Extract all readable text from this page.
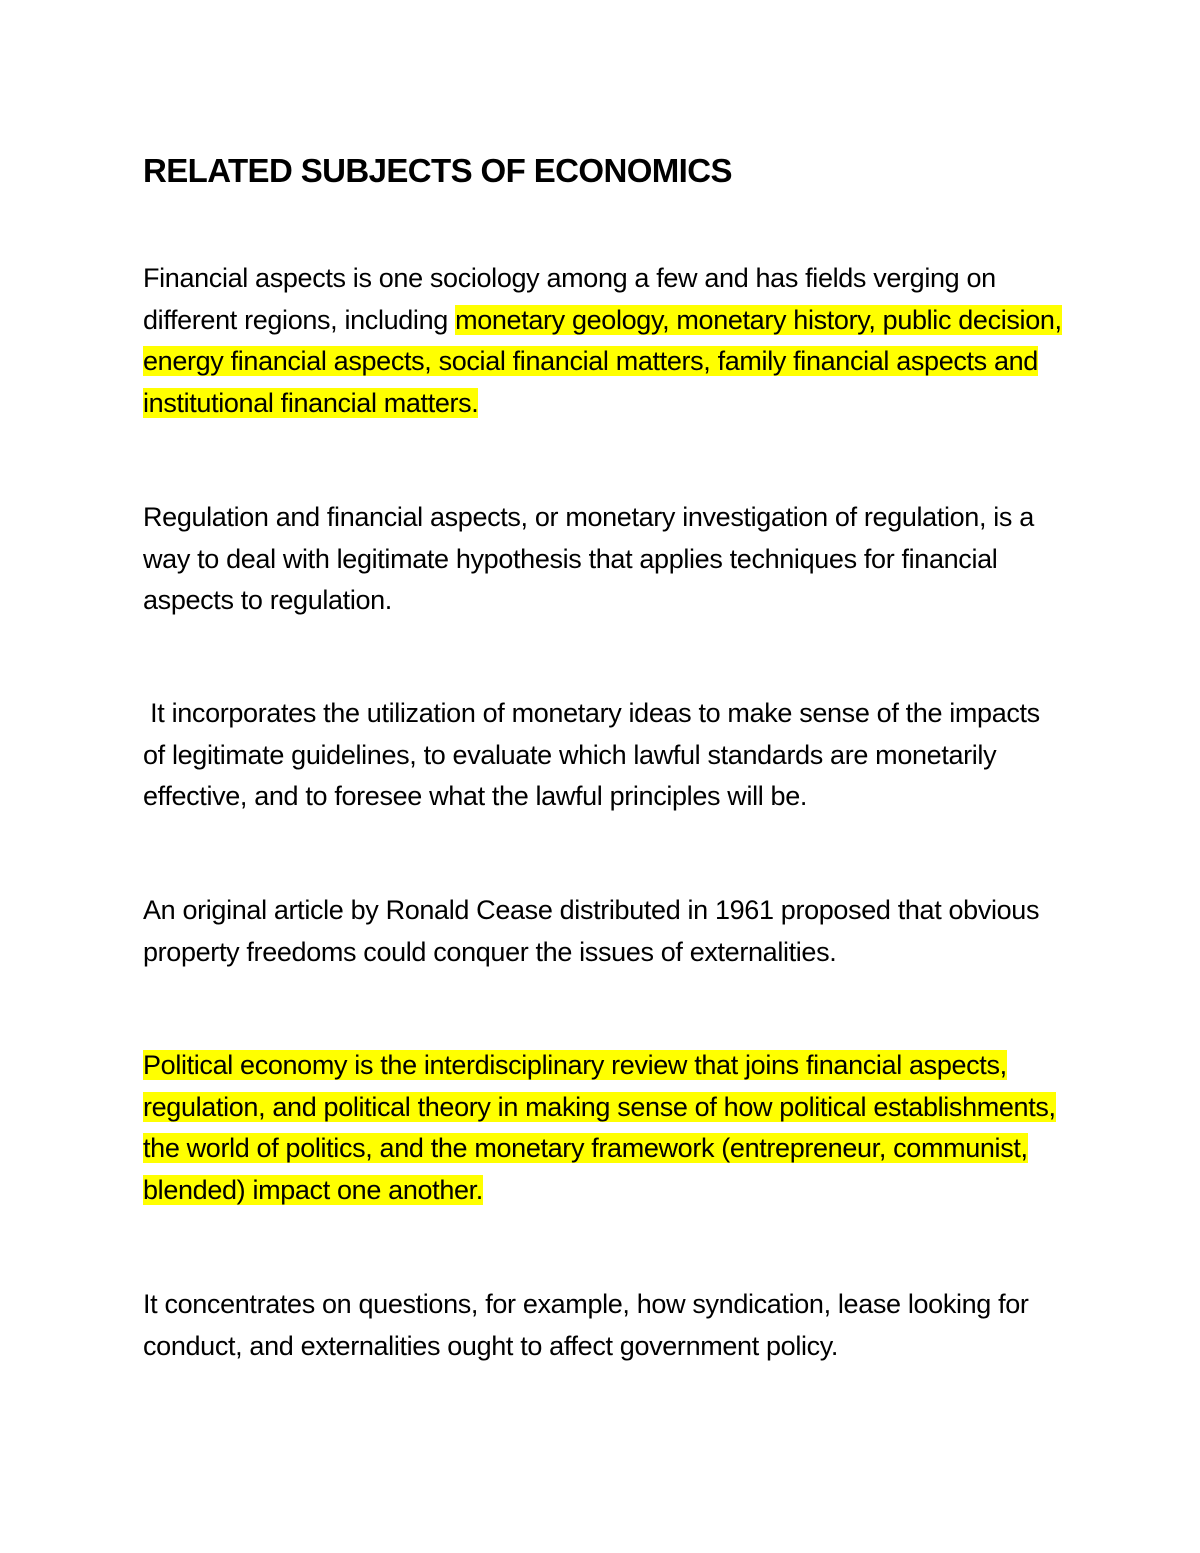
RELATED SUBJECTS OF ECONOMICS

Financial aspects is one sociology among a few and has fields verging on different regions, including monetary geology, monetary history, public decision, energy financial aspects, social financial matters, family financial aspects and institutional financial matters.

Regulation and financial aspects, or monetary investigation of regulation, is a way to deal with legitimate hypothesis that applies techniques for financial aspects to regulation.

It incorporates the utilization of monetary ideas to make sense of the impacts of legitimate guidelines, to evaluate which lawful standards are monetarily effective, and to foresee what the lawful principles will be.

An original article by Ronald Cease distributed in 1961 proposed that obvious property freedoms could conquer the issues of externalities.

Political economy is the interdisciplinary review that joins financial aspects, regulation, and political theory in making sense of how political establishments, the world of politics, and the monetary framework (entrepreneur, communist, blended) impact one another.

It concentrates on questions, for example, how syndication, lease looking for conduct, and externalities ought to affect government policy.
